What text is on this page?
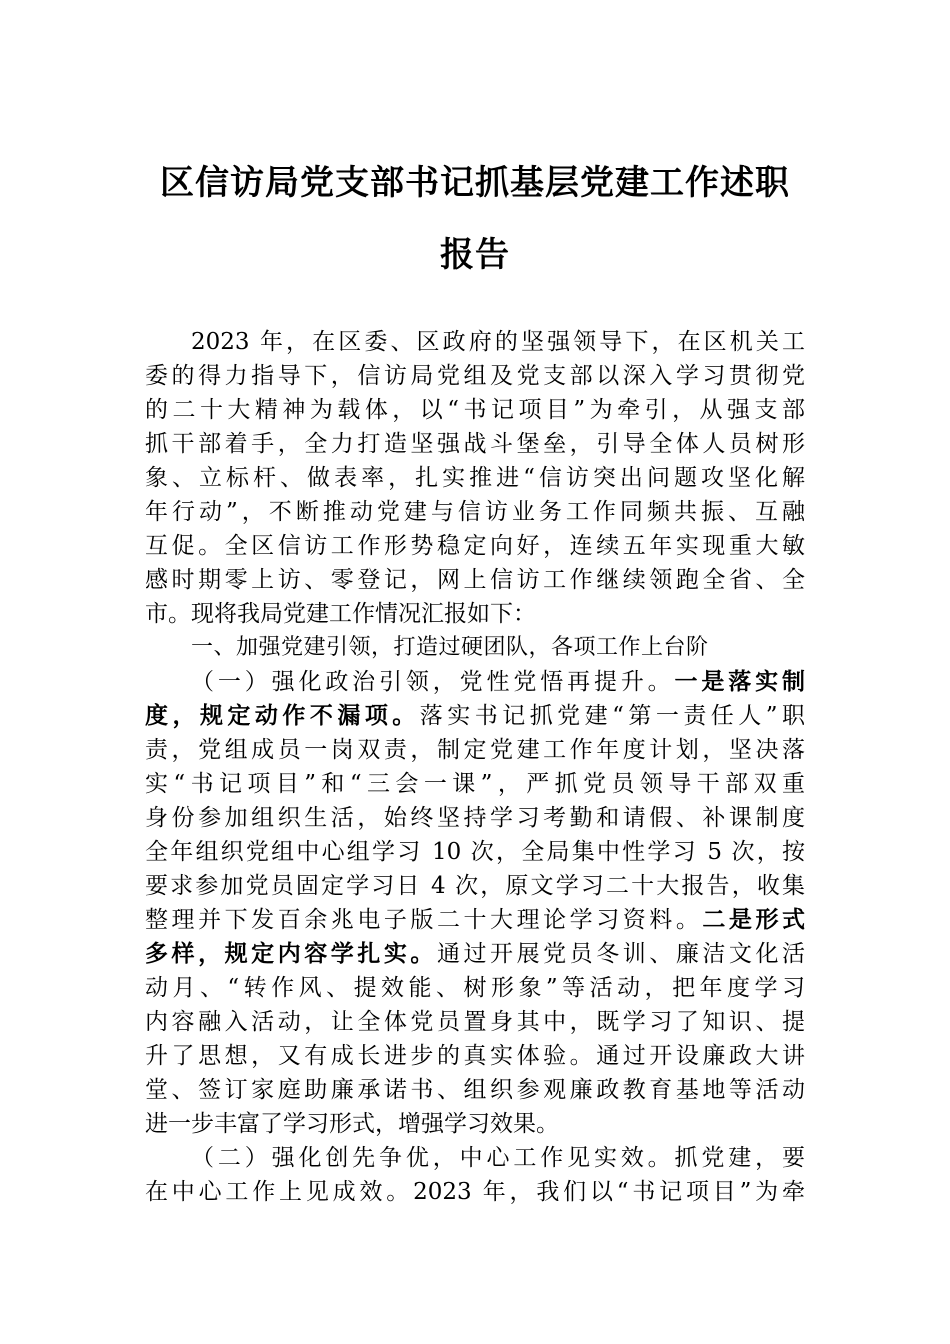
区信访局党支部书记抓基层党建工作述职
报告
2023 年，在区委、区政府的坚强领导下，在区机关工
委的得力指导下，信访局党组及党支部以深入学习贯彻党
的二十大精神为载体，以“书记项目”为牵引，从强支部
抓干部着手，全力打造坚强战斗堡垒，引导全体人员树形
象、立标杆、做表率，扎实推进“信访突出问题攻坚化解
年行动”，不断推动党建与信访业务工作同频共振、互融
互促。全区信访工作形势稳定向好，连续五年实现重大敏
感时期零上访、零登记，网上信访工作继续领跑全省、全
市。现将我局党建工作情况汇报如下：
一、加强党建引领，打造过硬团队，各项工作上台阶
（一）强化政治引领，党性党悟再提升。一是落实制
度，规定动作不漏项。落实书记抓党建“第一责任人”职
责，党组成员一岗双责，制定党建工作年度计划，坚决落
实“书记项目”和“三会一课”，严抓党员领导干部双重
身份参加组织生活，始终坚持学习考勤和请假、补课制度
全年组织党组中心组学习 10 次，全局集中性学习 5 次，按
要求参加党员固定学习日 4 次，原文学习二十大报告，收集
整理并下发百余兆电子版二十大理论学习资料。二是形式
多样，规定内容学扎实。通过开展党员冬训、廉洁文化活
动月、“转作风、提效能、树形象”等活动，把年度学习
内容融入活动，让全体党员置身其中，既学习了知识、提
升了思想，又有成长进步的真实体验。通过开设廉政大讲
堂、签订家庭助廉承诺书、组织参观廉政教育基地等活动
进一步丰富了学习形式，增强学习效果。
（二）强化创先争优，中心工作见实效。抓党建，要
在中心工作上见成效。2023 年，我们以“书记项目”为牵
